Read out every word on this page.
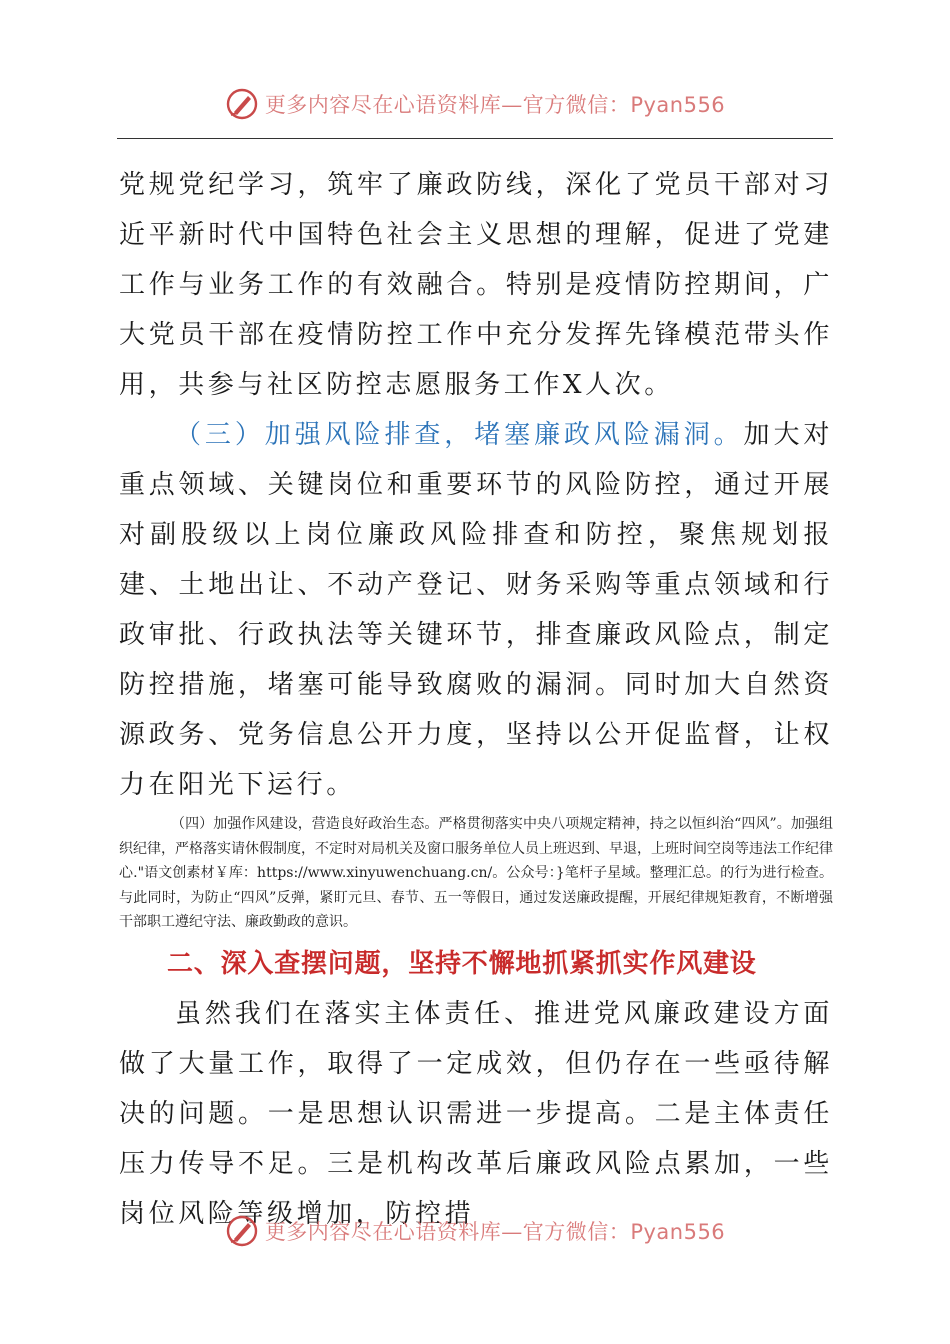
更多内容尽在心语资料库—官方微信：Pyan556

党规党纪学习，筑牢了廉政防线，深化了党员干部对习近平新时代中国特色社会主义思想的理解，促进了党建工作与业务工作的有效融合。特别是疫情防控期间，广大党员干部在疫情防控工作中充分发挥先锋模范带头作用，共参与社区防控志愿服务工作X人次。

（三）加强风险排查，堵塞廉政风险漏洞。加大对重点领域、关键岗位和重要环节的风险防控，通过开展对副股级以上岗位廉政风险排查和防控，聚焦规划报建、土地出让、不动产登记、财务采购等重点领域和行政审批、行政执法等关键环节，排查廉政风险点，制定防控措施，堵塞可能导致腐败的漏洞。同时加大自然资源政务、党务信息公开力度，坚持以公开促监督，让权力在阳光下运行。

（四）加强作风建设，营造良好政治生态。严格贯彻落实中央八项规定精神，持之以恒纠治“四风”。加强组织纪律，严格落实请休假制度，不定时对局机关及窗口服务单位人员上班迟到、早退，上班时间空岗等违法工作纪律心."语文创素材￥库：https://www.xinyuwenchuang.cn/。公众号：}笔杆子星域。整理汇总。的行为进行检查。与此同时，为防止“四风”反弹，紧盯元旦、春节、五一等假日，通过发送廉政提醒，开展纪律规矩教育，不断增强干部职工遵纪守法、廉政勤政的意识。

二、深入查摆问题，坚持不懈地抓紧抓实作风建设

虽然我们在落实主体责任、推进党风廉政建设方面做了大量工作，取得了一定成效，但仍存在一些亟待解决的问题。一是思想认识需进一步提高。二是主体责任压力传导不足。三是机构改革后廉政风险点累加，一些岗位风险等级增加，防控措

更多内容尽在心语资料库—官方微信：Pyan556
